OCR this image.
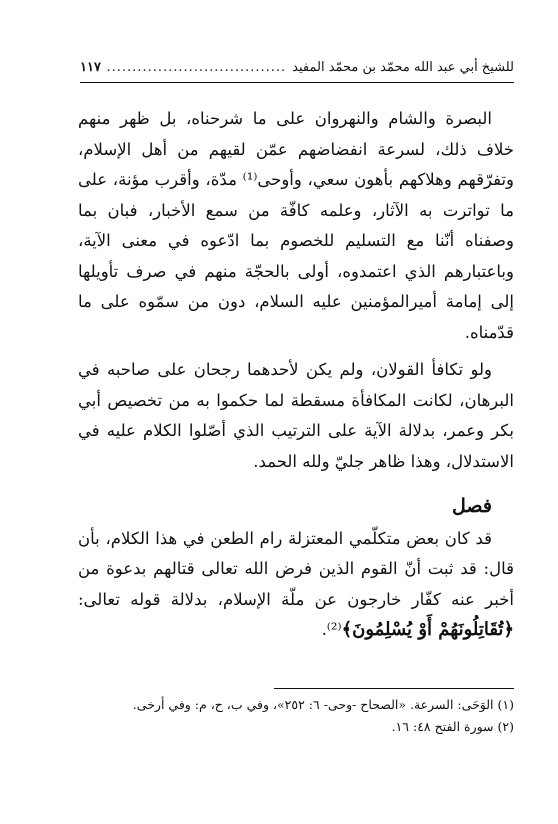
للشيخ أبي عبد الله محمّد بن محمّد المفيد
.....
١١٧

البصرة والشام والنهروان على ما شرحناه، بل ظهر منهم خلاف ذلك، لسرعة انفضاضهم عمّن لقيهم من أهل الإسلام، وتفرّقهم وهلاكهم بأهون سعي، وأوحى⁽¹⁾ مدّة، وأقرب مؤنة، على ما تواترت به الآثار، وعلمه كافّة من سمع الأخبار، فبان بما وصفناه أنّنا مع التسليم للخصوم بما ادّعوه في معنى الآية، وباعتبارهم الذي اعتمدوه، أولى بالحجّة منهم في صرف تأويلها إلى إمامة أميرالمؤمنين عليه السلام، دون من سمّوه على ما قدّمناه.

ولو تكافأ القولان، ولم يكن لأحدهما رجحان على صاحبه في البرهان، لكانت المكافأة مسقطة لما حكموا به من تخصيص أبي بكر وعمر، بدلالة الآية على الترتيب الذي أصّلوا الكلام عليه في الاستدلال، وهذا ظاهر جليّ ولله الحمد.

فصل

قد كان بعض متكلّمي المعتزلة رام الطعن في هذا الكلام، بأن قال: قد ثبت أنّ القوم الذين فرض الله تعالى قتالهم بدعوة من أخبر عنه كفّار خارجون عن ملّة الإسلام، بدلالة قوله تعالى: ﴿تُقَاتِلُونَهُمْ أَوْ يُسْلِمُونَ﴾⁽²⁾.

(١) الوَحَى: السرعة. «الصحاح -وحى- ٦: ٢٥٢»، وفي ب، ح، م: وفي أرخى.
(٢) سورة الفتح ٤٨: ١٦.
